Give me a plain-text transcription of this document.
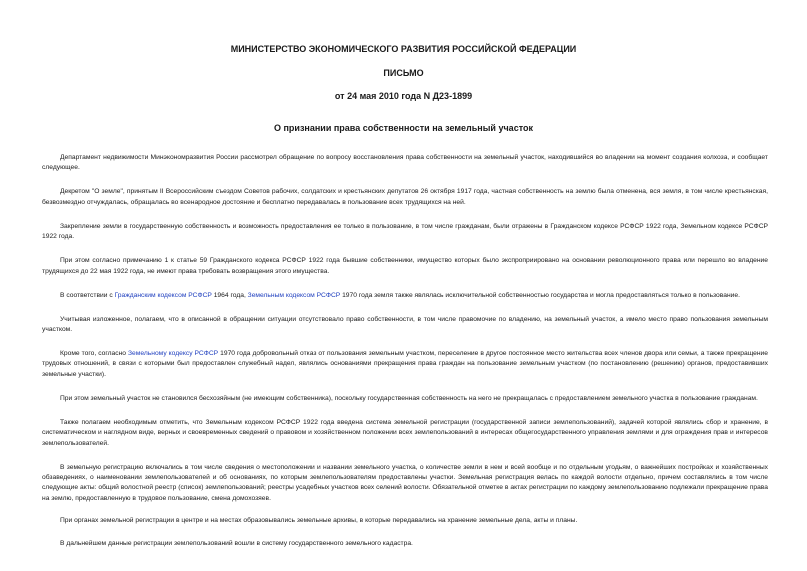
МИНИСТЕРСТВО ЭКОНОМИЧЕСКОГО РАЗВИТИЯ РОССИЙСКОЙ ФЕДЕРАЦИИ
ПИСЬМО
от 24 мая 2010 года N Д23-1899
О признании права собственности на земельный участок

Департамент недвижимости Минэкономразвития России рассмотрел обращение по вопросу восстановления права собственности на земельный участок, находившийся во владении на момент создания колхоза, и сообщает следующее.

Декретом "О земле", принятым II Всероссийским съездом Советов рабочих, солдатских и крестьянских депутатов 26 октября 1917 года, частная собственность на землю была отменена, вся земля, в том числе крестьянская, безвозмездно отчуждалась, обращалась во всенародное достояние и бесплатно передавалась в пользование всех трудящихся на ней.

Закрепление земли в государственную собственность и возможность предоставления ее только в пользование, в том числе гражданам, были отражены в Гражданском кодексе РСФСР 1922 года, Земельном кодексе РСФСР 1922 года.

При этом согласно примечанию 1 к статье 59 Гражданского кодекса РСФСР 1922 года бывшие собственники, имущество которых было экспроприировано на основании революционного права или перешло во владение трудящихся до 22 мая 1922 года, не имеют права требовать возвращения этого имущества.

В соответствии с Гражданским кодексом РСФСР 1964 года, Земельным кодексом РСФСР 1970 года земля также являлась исключительной собственностью государства и могла предоставляться только в пользование.

Учитывая изложенное, полагаем, что в описанной в обращении ситуации отсутствовало право собственности, в том числе правомочие по владению, на земельный участок, а имело место право пользования земельным участком.

Кроме того, согласно Земельному кодексу РСФСР 1970 года добровольный отказ от пользования земельным участком, переселение в другое постоянное место жительства всех членов двора или семьи, а также прекращение трудовых отношений, в связи с которыми был предоставлен служебный надел, являлись основаниями прекращения права граждан на пользование земельным участком (по постановлению (решению) органов, предоставивших земельные участки).

При этом земельный участок не становился бесхозяйным (не имеющим собственника), поскольку государственная собственность на него не прекращалась с предоставлением земельного участка в пользование гражданам.

Также полагаем необходимым отметить, что Земельным кодексом РСФСР 1922 года введена система земельной регистрации (государственной записи землепользований), задачей которой являлись сбор и хранение, в систематическом и наглядном виде, верных и своевременных сведений о правовом и хозяйственном положении всех землепользований в интересах общегосударственного управления землями и для ограждения прав и интересов землепользователей.

В земельную регистрацию включались в том числе сведения о местоположении и названии земельного участка, о количестве земли в нем и всей вообще и по отдельным угодьям, о важнейших постройках и хозяйственных обзаведениях, о наименовании землепользователей и об основаниях, по которым землепользователям предоставлены участки. Земельная регистрация велась по каждой волости отдельно, причем составлялись в том числе следующие акты: общий волостной реестр (список) землепользований; реестры усадебных участков всех селений волости. Обязательной отметке в актах регистрации по каждому землепользованию подлежали прекращение права на землю, предоставленную в трудовое пользование, смена домохозяев.

При органах земельной регистрации в центре и на местах образовывались земельные архивы, в которые передавались на хранение земельные дела, акты и планы.

В дальнейшем данные регистрации землепользований вошли в систему государственного земельного кадастра.
